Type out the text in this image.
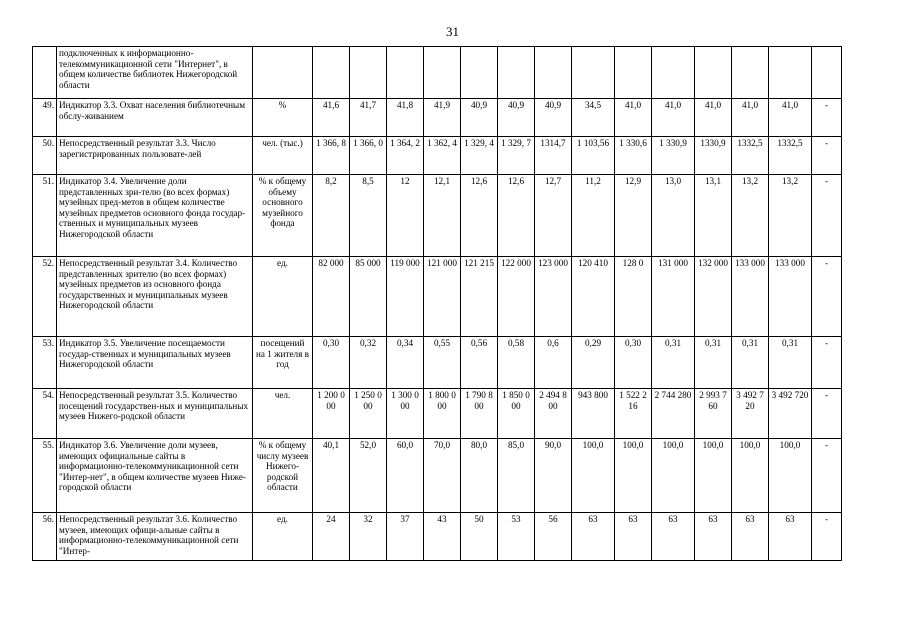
31
	подключенных к информационно-телекоммуникационной сети "Интернет", в общем количестве библиотек Нижегородской области															
49.	Индикатор 3.3. Охват населения библиотечным обслу-живанием	%	41,6	41,7	41,8	41,9	40,9	40,9	40,9	34,5	41,0	41,0	41,0	41,0	41,0	-
50.	Непосредственный результат 3.3. Число зарегистрированных пользовате-лей	чел. (тыс.)	1 366, 8	1 366, 0	1 364, 2	1 362, 4	1 329, 4	1 329, 7	1314,7	1 103,56	1 330,6	1 330,9	1330,9	1332,5	1332,5	-
51.	Индикатор 3.4. Увеличение доли представленных зри-телю (во всех формах) музейных пред-метов в общем количестве музейных предметов основного фонда государ-ственных и муниципальных музеев Нижегородской области	% к общему объему основного музейного фонда	8,2	8,5	12	12,1	12,6	12,6	12,7	11,2	12,9	13,0	13,1	13,2	13,2	-
52.	Непосредственный результат 3.4. Количество представленных зрителю (во всех формах) музейных предметов из основного фонда государственных и муниципальных музеев Нижегородской области	ед.	82 000	85 000	119 000	121 000	121 215	122 000	123 000	120 410	128 0	131 000	132 000	133 000	133 000	-
53.	Индикатор 3.5. Увеличение посещаемости государ-ственных и муниципальных музеев Нижегородской области	посещений на 1 жителя в год	0,30	0,32	0,34	0,55	0,56	0,58	0,6	0,29	0,30	0,31	0,31	0,31	0,31	-
54.	Непосредственный результат 3.5. Количество посещений государствен-ных и муниципальных музеев Нижего-родской области	чел.	1 200 000	1 250 000	1 300 000	1 800 000	1 790 800	1 850 000	2 494 800	943 800	1 522 216	2 744 280	2 993 760	3 492 720	3 492 720	-
55.	Индикатор 3.6. Увеличение доли музеев, имеющих официальные сайты в информационно-телекоммуникационной сети "Интер-нет", в общем количестве музеев Ниже-городской области	% к общему числу музеев Нижего-родской области	40,1	52,0	60,0	70,0	80,0	85,0	90,0	100,0	100,0	100,0	100,0	100,0	100,0	-
56.	Непосредственный результат 3.6. Количество музеев, имеющих офици-альные сайты в информационно-телекоммуникационной сети "Интер-	ед.	24	32	37	43	50	53	56	63	63	63	63	63	63	-
